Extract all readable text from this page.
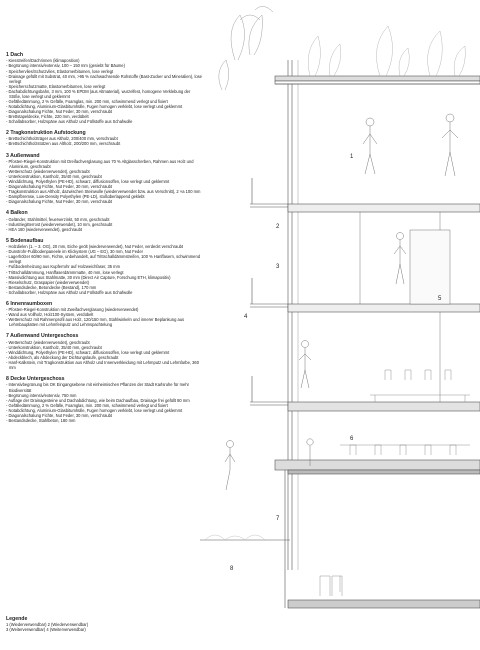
1 Dach
- Kiesstreifen/Dachrinnen (klimaposition)
- Begrünung intensiv/extensiv, 100 – 150 mm (gesiebt für Bäume)
- Speichervlies/Schutzvlies, Elastomerbitumen, lose verlegt
- Drainage gefüllt mit Substrat, 40 mm, >95 % nachwachsende Rohstoffe (Bast-Zucker und Mineralien), lose verlegt
- Speicherschutzmatte, Elastomerbitumen, lose verlegt
- Dachabdichtungsbahn, 3 mm, 100 % EPDM (aus Altmaterial), wurzelfest, homogene Verklebung der Stöße, lose verlegt und geklemmt
- Gefälledämmung, 2 % Gefälle, Foamglas, min. 200 mm, schwimmend verlegt und fixiert
- Notabdichtung, Aluminium-Glasbitumhülle, Fugen homogen verklebt, lose verlegt und geklemmt
- Diagonalschalung Fichte, Nut Feder, 30 mm, verschraubt
- Brettstapeldecke, Fichte, 220 mm, verdübelt
- Schallabsorber, Holzspäne aus Altholz und Füllstoffe aus Schafwolle
2 Tragkonstruktion Aufstockung
- Brettschichtholzträger aus Altholz, 200/400 mm, verschraubt
- Brettschichtholzstützen aus Altholz, 200/200 mm, verschraubt
3 Außenwand
- Pfosten-Riegel-Konstruktion mit Dreifachverglasung aus 70 % Altglasscherben, Rahmen aus Holz und Aluminium, geschraubt
- Wetterschutz (wiederverwendet), geschraubt
- Unterkonstruktion, Kantholz, 35/40 mm, geschraubt
- Winddichtung, Polyethylen (PE-HD), schwarz, diffusionsoffen, lose verlegt und geklemmt
- Diagonalschalung Fichte, Nut Feder, 30 mm, verschraubt
- Tragkonstruktion aus Altholz, dazwischen Steinwolle (wiederverwendet bzw. aus Verschnitt), 2 ×a 100 mm
- Dampfbremse, Low-Density Polyethylen (PE-LD), stoßüberlappend geklebt
- Diagonalschalung Fichte, Nut Feder, 30 mm, verschraubt
4 Balkon
- Geländer, Stahlmittel, feuerverzinkt, 50 mm, geschraubt
- Industriegitterrost (wiederverwendet), 10 mm, geschraubt
- HEA 180 (wiederverwendet), geschraubt
5 Bodenaufbau
- Holzdielen (1. – 3. OG), 20 mm, Eiche geölt (wiederverwendet), Nut Feder, verdeckt verschraubt
- Dunstrohr-Fußbodenpaneele im Klickystem (UG – EG), 30 mm, Nut Feder
- Lagerhölzer 60/90 mm, Fichte, unbehandelt, auf Trittschalldämmstreifen, 100 % Hanffasern, schwimmend verlegt
- Fußbodenheizung aus Kupferrohr auf Holzweichfaser, 35 mm
- Trittschalldämmung, Hanffaserdämmmatte, 40 mm, lose verlegt
- Massivdichtung aus Stahlmatte, 30 mm (Direct Air Capture, Forschung ETH, klimapositiv)
- Rieselschutz, Graspapier (wiederverwendet)
- Bestandsdecke, Betondecke (Bestand), 170 mm
- Schallabsorber, Holzspäne aus Altholz und Füllstoffe aus Schafwolle
6 Innenraumboxen
- Pfosten-Riegel-Konstruktion mit Zweifachverglasung (wiederverwendet)
- Wand aus Vollholz, Holz100-System, verdübelt
- Wetterschutz mit Rahmenprofil aus Holz, 120/150 mm, Stahlwinkeln und innerer Beplankung aus Lehmbauplatten mit Lehmfeinputz und Lehmspachtelung
7 Außenwand Untergeschoss
- Wetterschutz (wiederverwendet), geschraubt
- Unterkonstruktion, Kantholz, 35/40 mm, geschraubt
- Winddichtung, Polyethylen (PE-HD), schwarz, diffusionsoffen, lose verlegt und geklemmt
- Abdeckblech, als Abdeckung der Dichtungslaufe, geschraubt
- Hanf-Kalkstein, mit Tragkonstruktion aus Altholz und Innenverkleidung mit Lehmputz und Lehmfarbe, 360 mm
8 Decke Untergeschoss
- Intensivbegrünung bis OK Eingangsebene mit einheimischen Pflanzen der Stadt Karlsruhe für mehr Biodiversität
- Begrünung intensiv/extensiv, 750 mm
- Auflage der Drainagesteine und Dachabdichtung, wie beim Dachaufbau, Drainage frei gefüllt 80 mm
- Gefälledämmung, 2 % Gefälle, Foamglas, min. 200 mm, schwimmend verlegt und fixiert
- Notabdichtung, Aluminium-Glasbitumhülle, Fugen homogen verklebt, lose verlegt und geklemmt
- Diagonalschalung Fichte, Nut Feder, 30 mm, verschraubt
- Bestandsdecke, Stahlbeton, 180 mm
Legende
1 (Wiederverwendbar) 2 (Wiederverwendbar)
3 (Weiterverwendbar) 4 (Weiterverwendbar)
1
2
3
4
5
6
7
8
